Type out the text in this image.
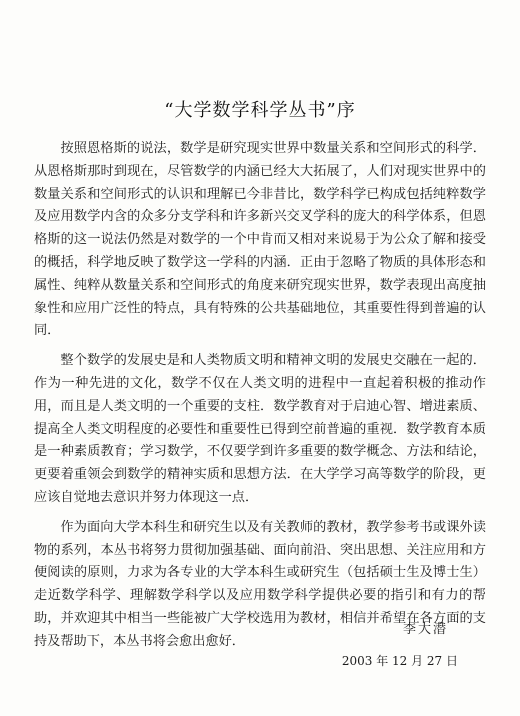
“大学数学科学丛书”序

按照恩格斯的说法，数学是研究现实世界中数量关系和空间形式的科学．从恩格斯那时到现在，尽管数学的内涵已经大大拓展了，人们对现实世界中的数量关系和空间形式的认识和理解已今非昔比，数学科学已构成包括纯粹数学及应用数学内含的众多分支学科和许多新兴交叉学科的庞大的科学体系，但恩格斯的这一说法仍然是对数学的一个中肯而又相对来说易于为公众了解和接受的概括，科学地反映了数学这一学科的内涵．正由于忽略了物质的具体形态和属性、纯粹从数量关系和空间形式的角度来研究现实世界，数学表现出高度抽象性和应用广泛性的特点，具有特殊的公共基础地位，其重要性得到普遍的认同．

整个数学的发展史是和人类物质文明和精神文明的发展史交融在一起的．作为一种先进的文化，数学不仅在人类文明的进程中一直起着积极的推动作用，而且是人类文明的一个重要的支柱．数学教育对于启迪心智、增进素质、提高全人类文明程度的必要性和重要性已得到空前普遍的重视．数学教育本质是一种素质教育；学习数学，不仅要学到许多重要的数学概念、方法和结论，更要着重领会到数学的精神实质和思想方法．在大学学习高等数学的阶段，更应该自觉地去意识并努力体现这一点．

作为面向大学本科生和研究生以及有关教师的教材，教学参考书或课外读物的系列，本丛书将努力贯彻加强基础、面向前沿、突出思想、关注应用和方便阅读的原则，力求为各专业的大学本科生或研究生（包括硕士生及博士生）走近数学科学、理解数学科学以及应用数学科学提供必要的指引和有力的帮助，并欢迎其中相当一些能被广大学校选用为教材，相信并希望在各方面的支持及帮助下，本丛书将会愈出愈好．

李大潜
2003 年 12 月 27 日
